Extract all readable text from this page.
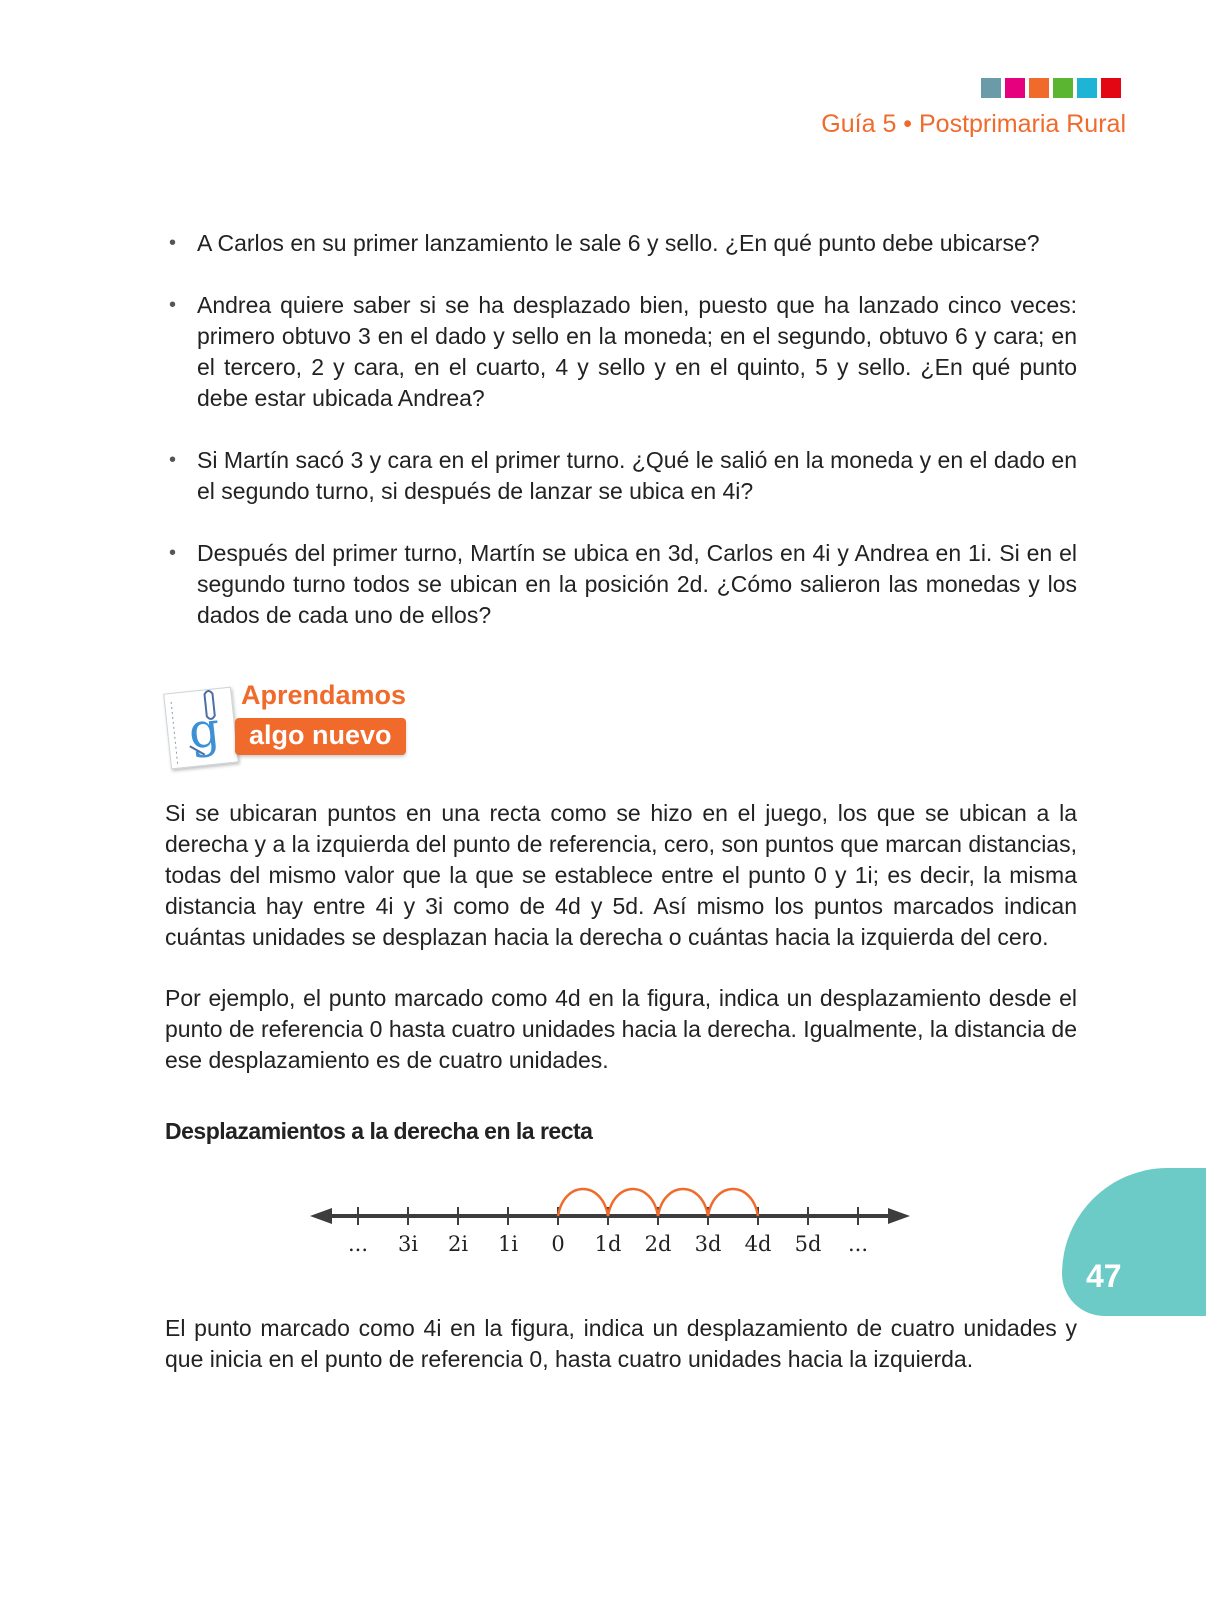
Guía 5 • Postprimaria Rural
• A Carlos en su primer lanzamiento le sale 6 y sello. ¿En qué punto debe ubicarse?
• Andrea quiere saber si se ha desplazado bien, puesto que ha lanzado cinco veces: primero obtuvo 3 en el dado y sello en la moneda; en el segundo, obtuvo 6 y cara; en el tercero, 2 y cara, en el cuarto, 4 y sello y en el quinto, 5 y sello. ¿En qué punto debe estar ubicada Andrea?
• Si Martín sacó 3 y cara en el primer turno. ¿Qué le salió en la moneda y en el dado en el segundo turno, si después de lanzar se ubica en 4i?
• Después del primer turno, Martín se ubica en 3d, Carlos en 4i y Andrea en 1i. Si en el segundo turno todos se ubican en la posición 2d. ¿Cómo salieron las monedas y los dados de cada uno de ellos?
g
Aprendamos
algo nuevo

Si se ubicaran puntos en una recta como se hizo en el juego, los que se ubican a la derecha y a la izquierda del punto de referencia, cero, son puntos que marcan distancias, todas del mismo valor que la que se establece entre el punto 0 y 1i; es decir, la misma distancia hay entre 4i y 3i como de 4d y 5d. Así mismo los puntos marcados indican cuántas unidades se desplazan hacia la derecha o cuántas hacia la izquierda del cero.

Por ejemplo, el punto marcado como 4d en la figura, indica un desplazamiento desde el punto de referencia 0 hasta cuatro unidades hacia la derecha. Igualmente, la distancia de ese desplazamiento es de cuatro unidades.

Desplazamientos a la derecha en la recta
...	3i	2i	1i	0	1d	2d	3d	4d	5d	...

El punto marcado como 4i en la figura, indica un desplazamiento de cuatro unidades y que inicia en el punto de referencia 0, hasta cuatro unidades hacia la izquierda.

47
